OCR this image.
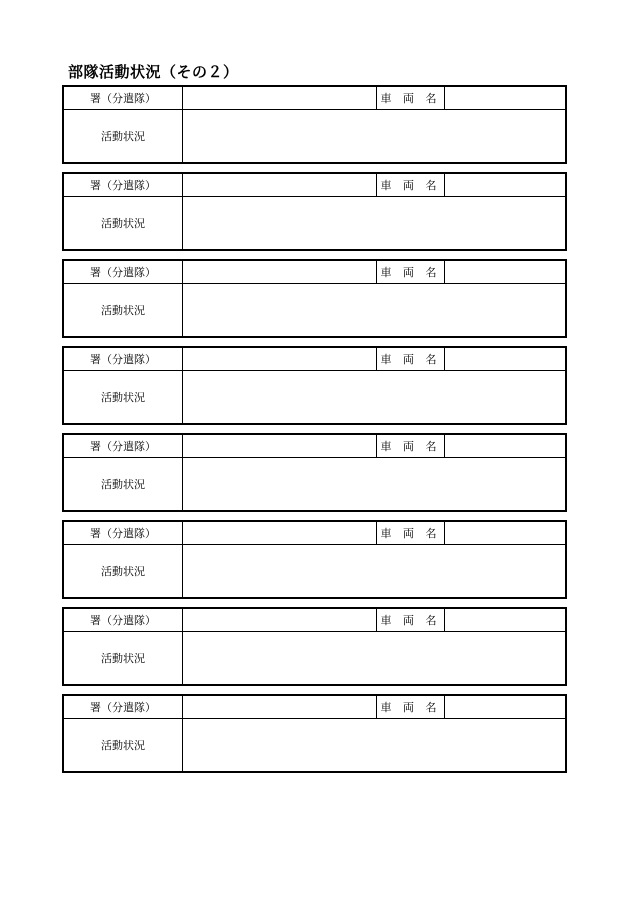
部隊活動状況（その２）
署（分遣隊）	車 両 名
活動状況
署（分遣隊）	車 両 名
活動状況
署（分遣隊）	車 両 名
活動状況
署（分遣隊）	車 両 名
活動状況
署（分遣隊）	車 両 名
活動状況
署（分遣隊）	車 両 名
活動状況
署（分遣隊）	車 両 名
活動状況
署（分遣隊）	車 両 名
活動状況
